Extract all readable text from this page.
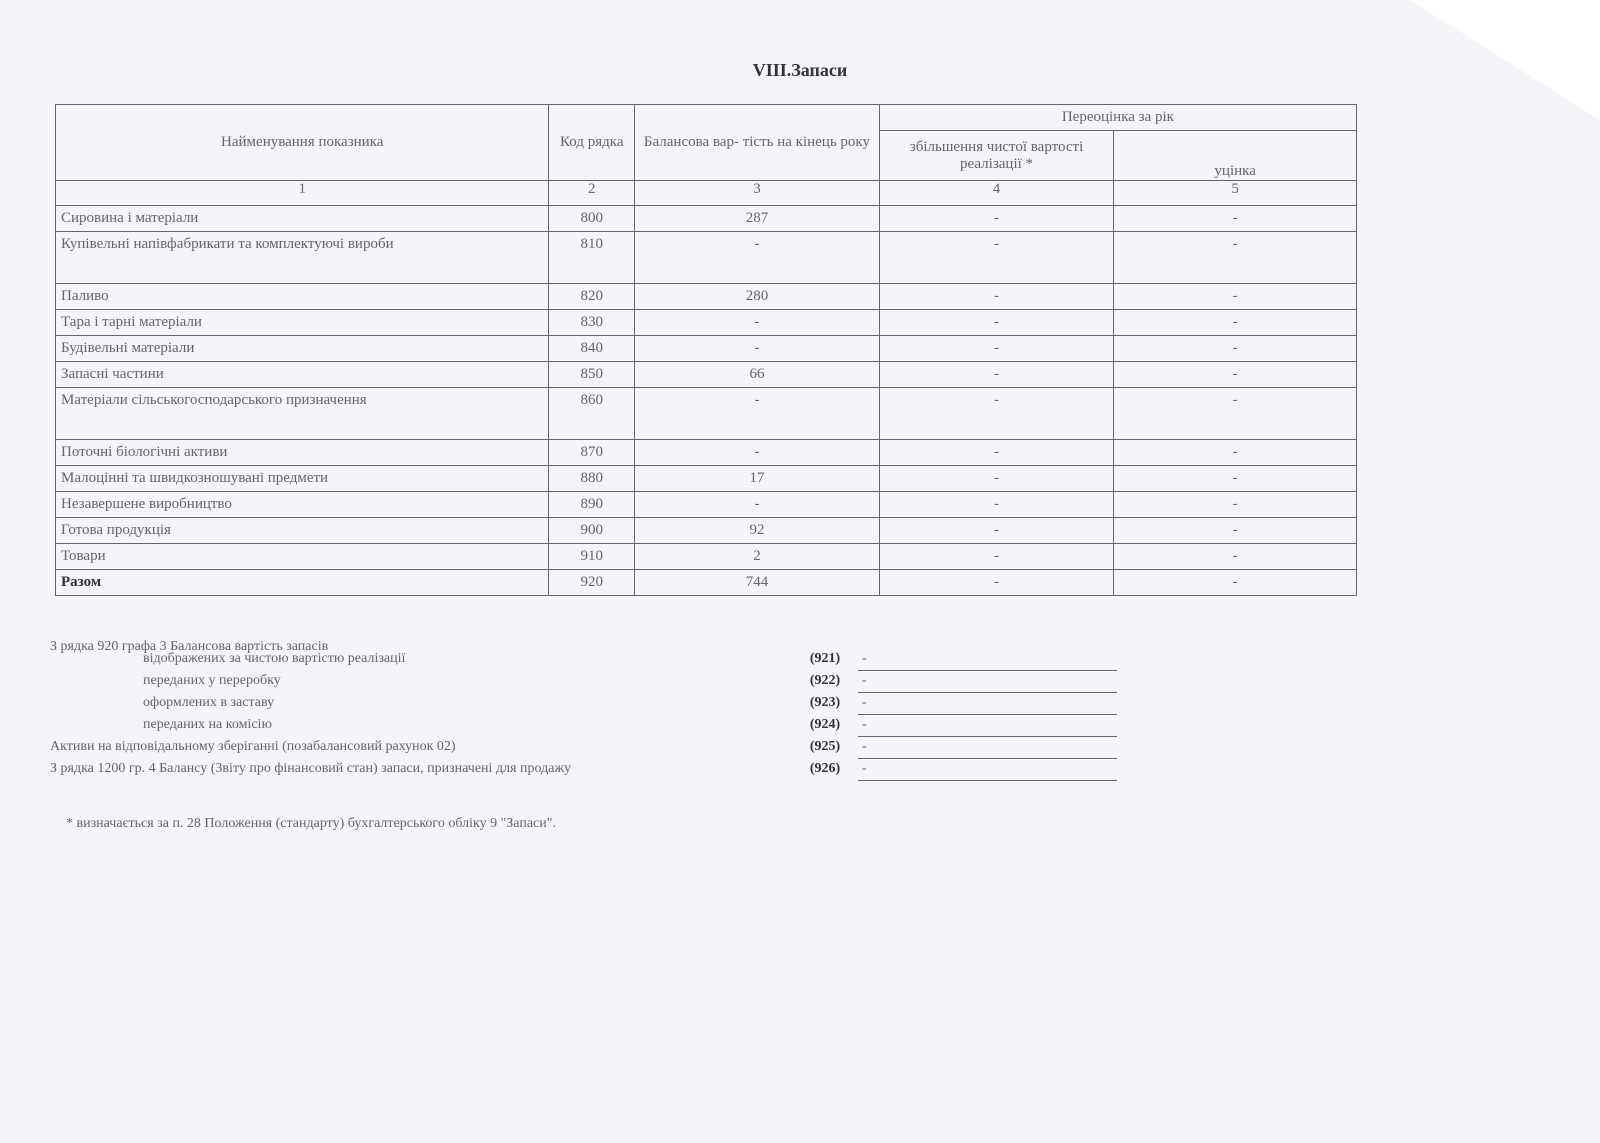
VIII.Запаси
Найменування показника	Код рядка	Балансова вар- тість на кінець року	Переоцінка за рік	
			збільшення чистої вартості реалізації *	уцінка
1	2	3	4	5
Сировина і матеріали	800	287	-	-
Купівельні напівфабрикати та комплектуючі вироби	810	-	-	-
Паливо	820	280	-	-
Тара і тарні матеріали	830	-	-	-
Будівельні матеріали	840	-	-	-
Запасні частини	850	66	-	-
Матеріали сільськогосподарського призначення	860	-	-	-
Поточні біологічні активи	870	-	-	-
Малоцінні та швидкозношувані предмети	880	17	-	-
Незавершене виробництво	890	-	-	-
Готова продукція	900	92	-	-
Товари	910	2	-	-
Разом	920	744	-	-
З рядка 920 графа 3 Балансова вартість запасів
відображених за чистою вартістю реалізації	(921)	-
переданих у переробку	(922)	-
оформлених в заставу	(923)	-
переданих на комісію	(924)	-
Активи на відповідальному зберіганні (позабалансовий рахунок 02)	(925)	-
З рядка 1200 гр. 4 Балансу (Звіту про фінансовий стан) запаси, призначені для продажу	(926)	-
* визначається за п. 28 Положення (стандарту) бухгалтерського обліку 9 "Запаси".
